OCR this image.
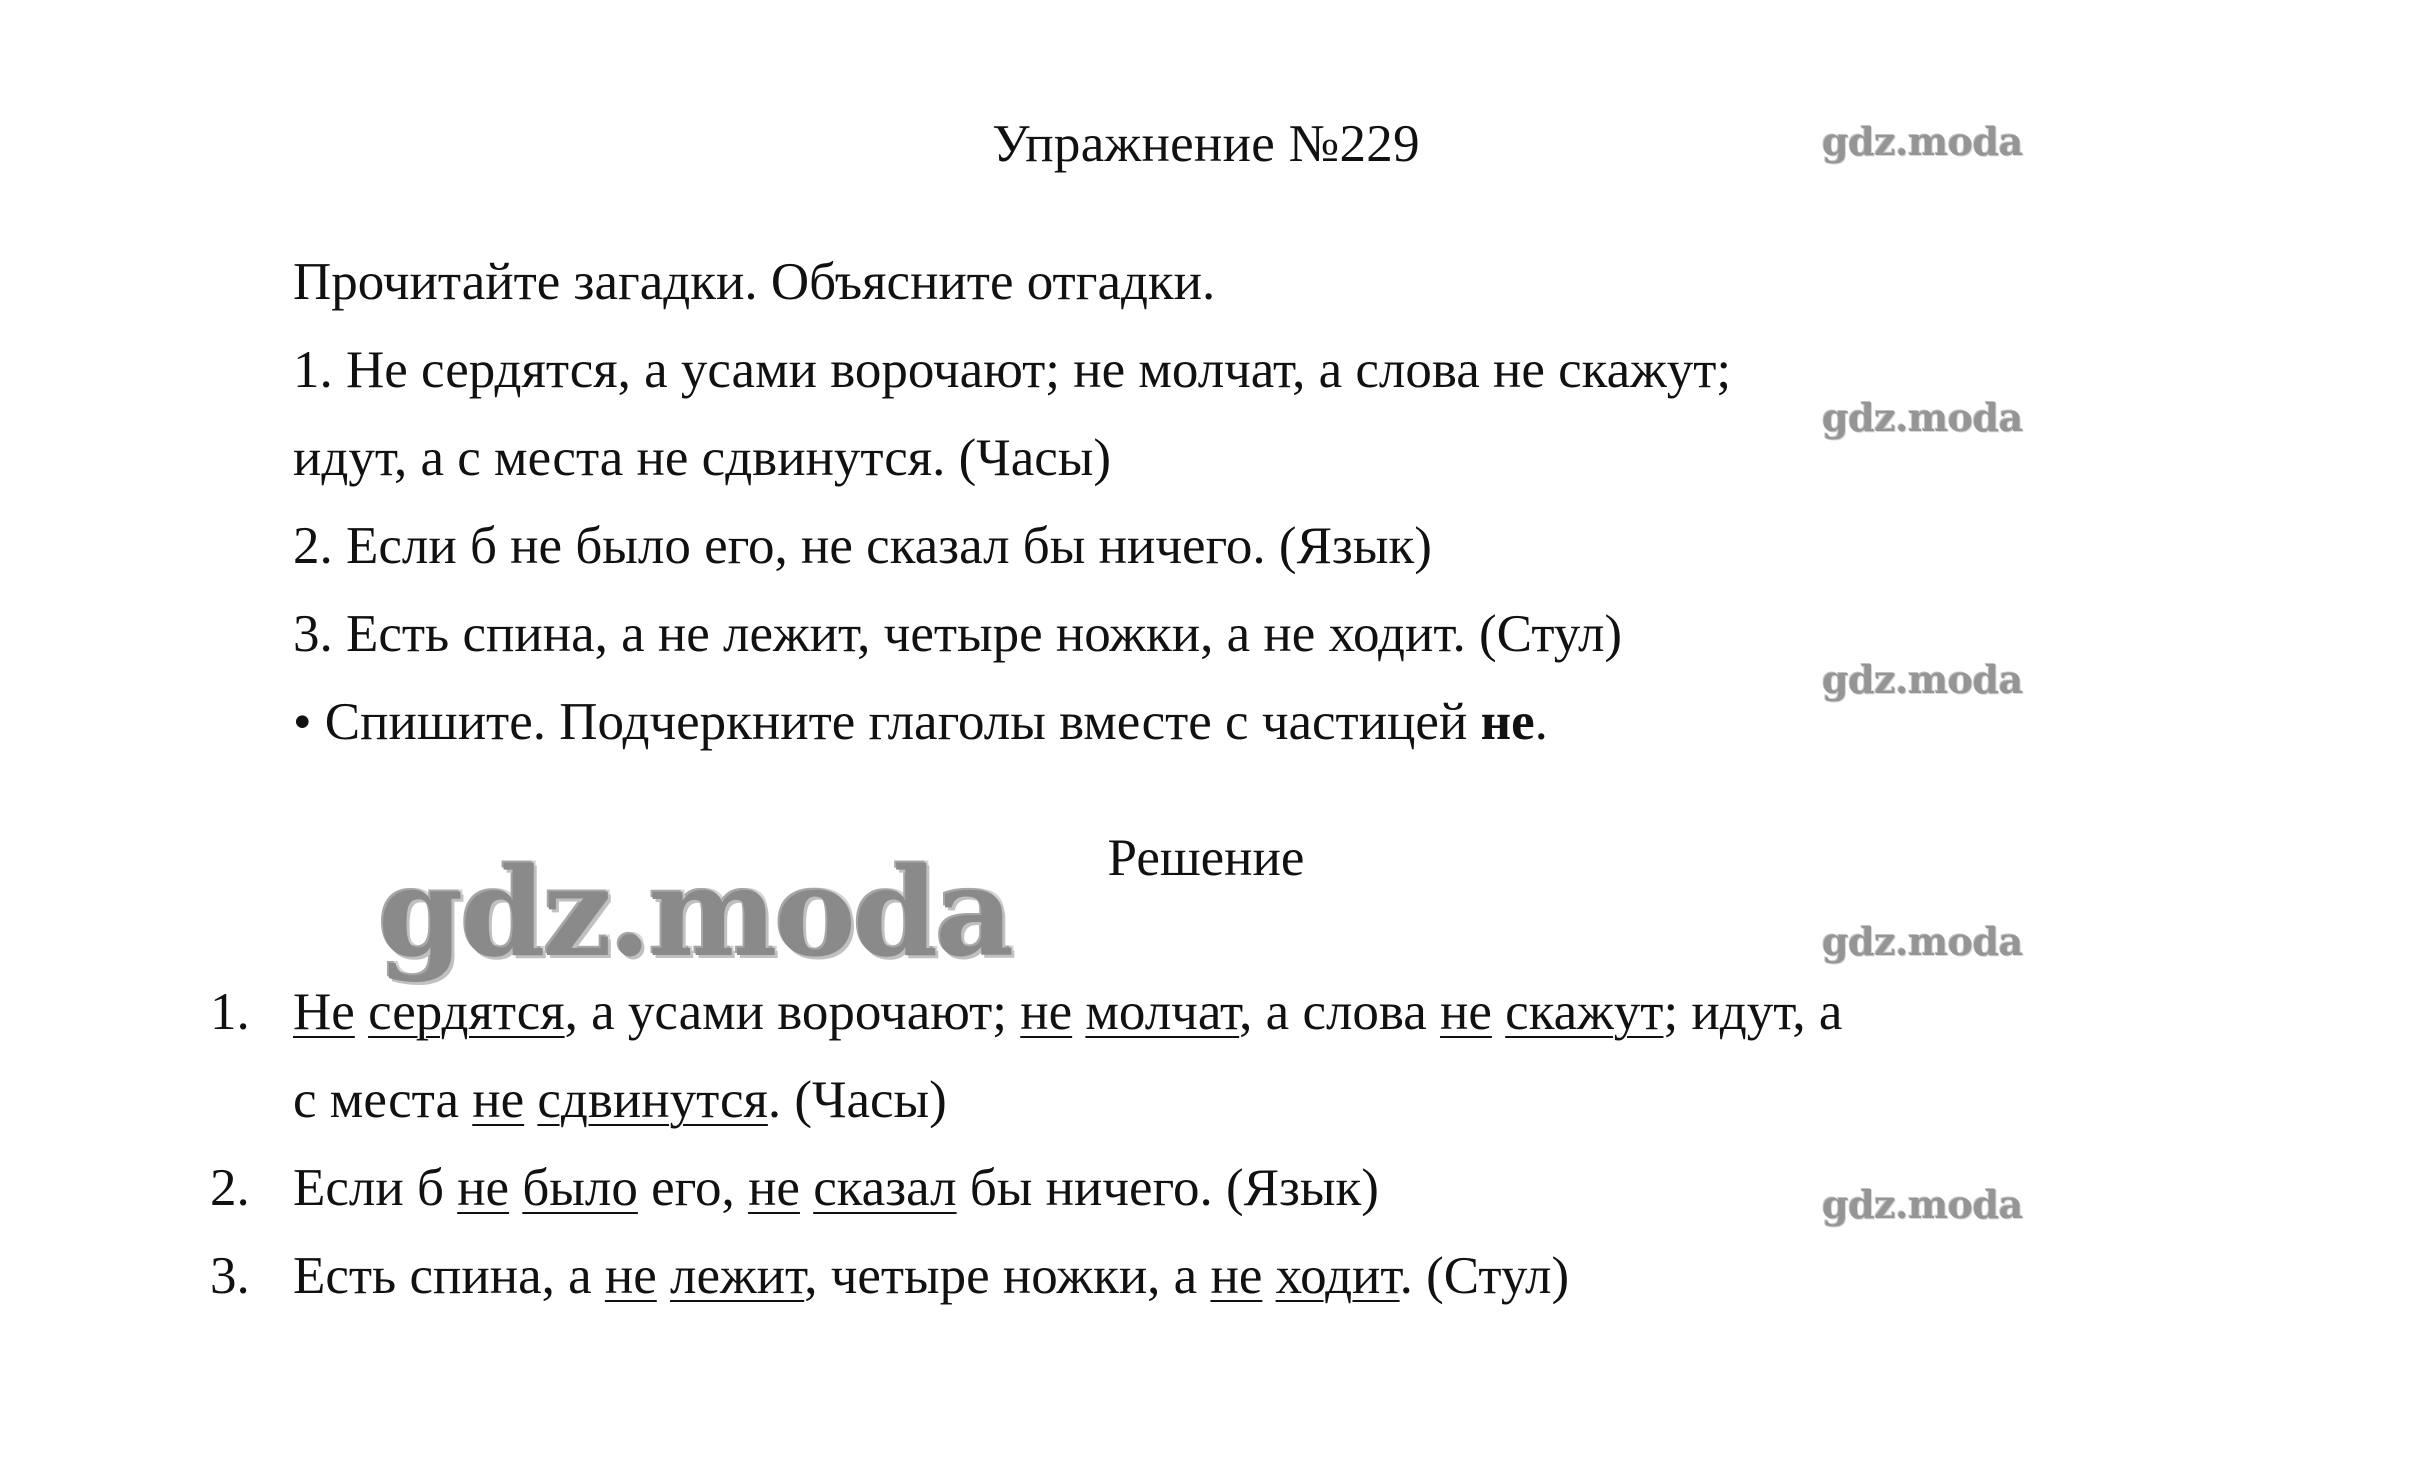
Упражнение №229	gdz.moda
gdz.moda
gdz.moda
gdz.moda
gdz.moda

Прочитайте загадки. Объясните отгадки.

1. Не сердятся, а усами ворочают; не молчат, а слова не скажут;

идут, а с места не сдвинутся. (Часы)

2. Если б не было его, не сказал бы ничего. (Язык)

3. Есть спина, а не лежит, четыре ножки, а не ходит. (Стул)

• Спишите. Подчеркните глаголы вместе с частицей не.

Решение
gdz.moda
1. Не сердятся, а усами ворочают; не молчат, а слова не скажут; идут, а
с места не сдвинутся. (Часы)
2. Если б не было его, не сказал бы ничего. (Язык)
3. Есть спина, а не лежит, четыре ножки, а не ходит. (Стул)
